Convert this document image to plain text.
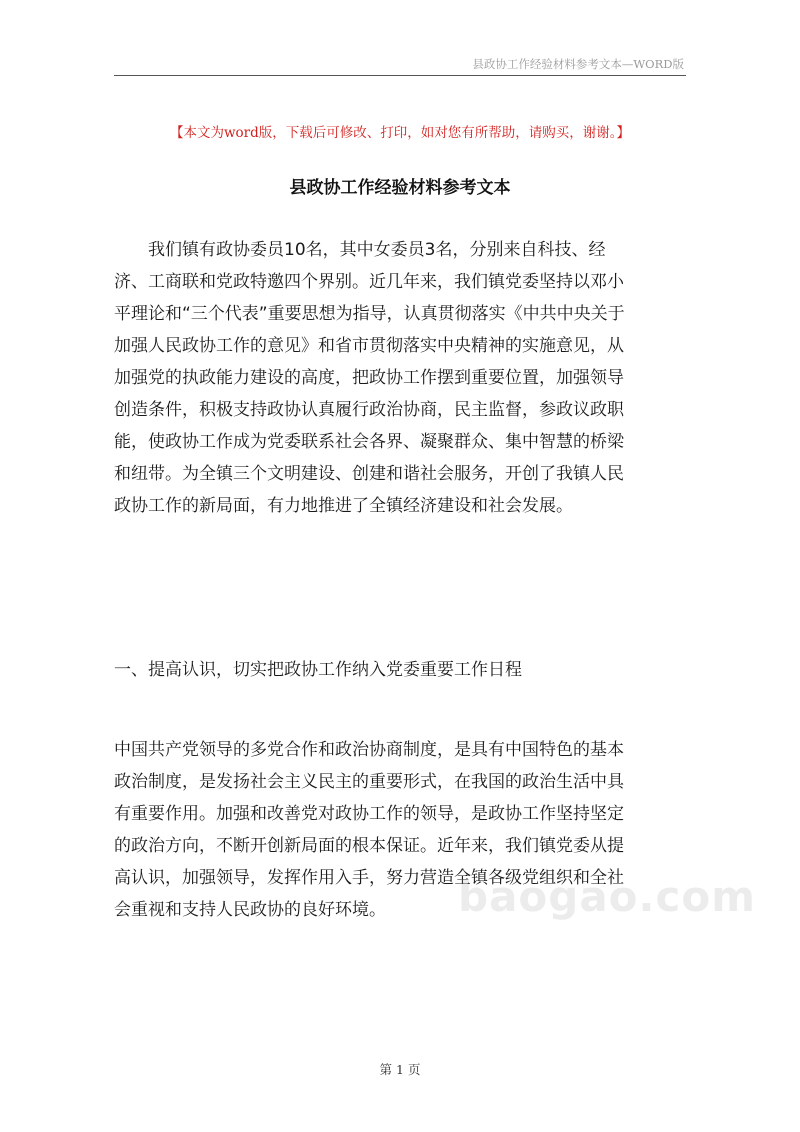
县政协工作经验材料参考文本—WORD版
【本文为word版，下载后可修改、打印，如对您有所帮助，请购买，谢谢。】
县政协工作经验材料参考文本
我们镇有政协委员10名，其中女委员3名，分别来自科技、经
济、工商联和党政特邀四个界别。近几年来，我们镇党委坚持以邓小
平理论和“三个代表”重要思想为指导，认真贯彻落实《中共中央关于
加强人民政协工作的意见》和省市贯彻落实中央精神的实施意见，从
加强党的执政能力建设的高度，把政协工作摆到重要位置，加强领导
创造条件，积极支持政协认真履行政治协商，民主监督，参政议政职
能，使政协工作成为党委联系社会各界、凝聚群众、集中智慧的桥梁
和纽带。为全镇三个文明建设、创建和谐社会服务，开创了我镇人民
政协工作的新局面，有力地推进了全镇经济建设和社会发展。
一、提高认识，切实把政协工作纳入党委重要工作日程
中国共产党领导的多党合作和政治协商制度，是具有中国特色的基本
政治制度，是发扬社会主义民主的重要形式，在我国的政治生活中具
有重要作用。加强和改善党对政协工作的领导，是政协工作坚持坚定
的政治方向，不断开创新局面的根本保证。近年来，我们镇党委从提
高认识，加强领导，发挥作用入手，努力营造全镇各级党组织和全社
会重视和支持人民政协的良好环境。	baogao.com
第 1 页
